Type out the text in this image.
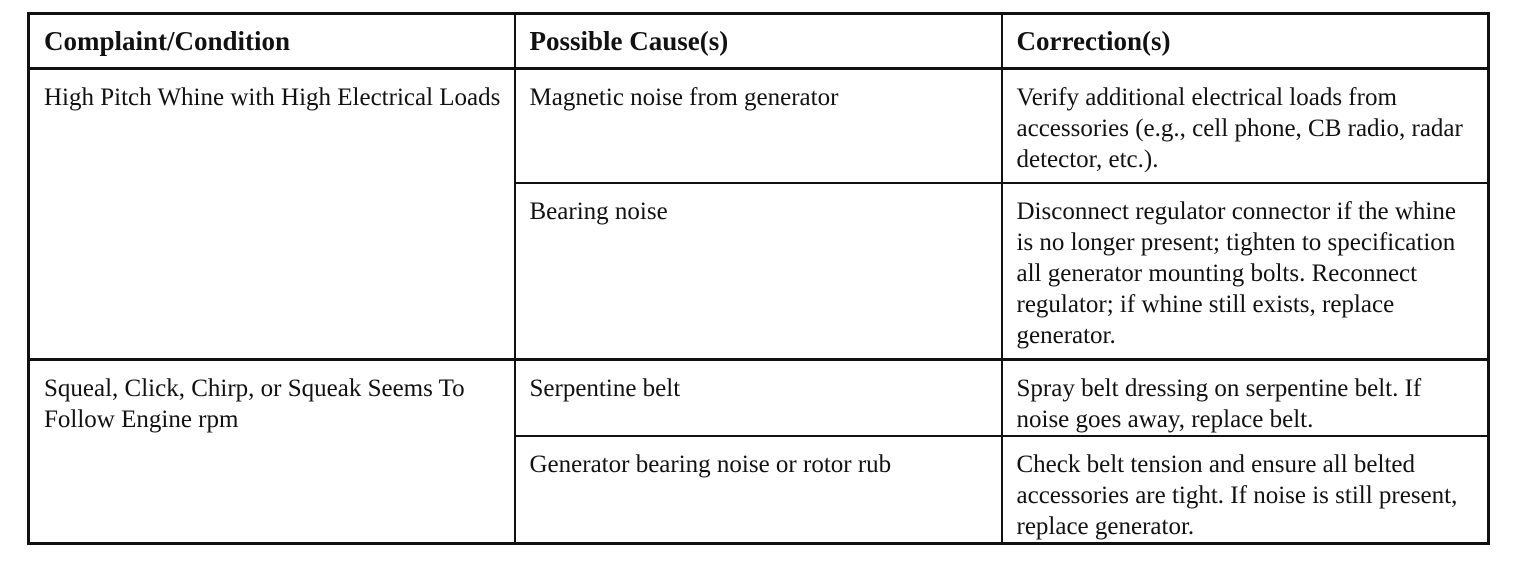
Complaint/Condition	Possible Cause(s)	Correction(s)
High Pitch Whine with High Electrical Loads	Magnetic noise from generator	Verify additional electrical loads from accessories (e.g., cell phone, CB radio, radar detector, etc.).
	Bearing noise	Disconnect regulator connector if the whine is no longer present; tighten to specification all generator mounting bolts. Reconnect regulator; if whine still exists, replace generator.
Squeal, Click, Chirp, or Squeak Seems To Follow Engine rpm	Serpentine belt	Spray belt dressing on serpentine belt. If noise goes away, replace belt.
	Generator bearing noise or rotor rub	Check belt tension and ensure all belted accessories are tight. If noise is still present, replace generator.
